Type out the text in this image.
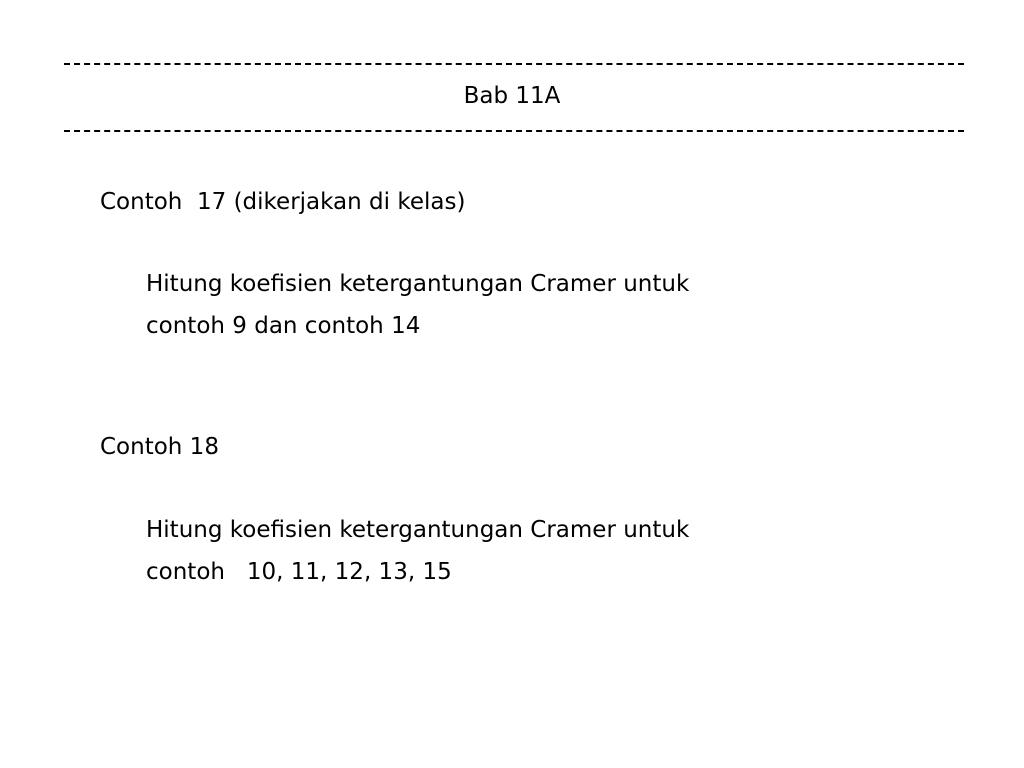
Bab 11A
Contoh  17 (dikerjakan di kelas)
Hitung koefisien ketergantungan Cramer untuk
contoh 9 dan contoh 14
Contoh 18
Hitung koefisien ketergantungan Cramer untuk
contoh   10, 11, 12, 13, 15
